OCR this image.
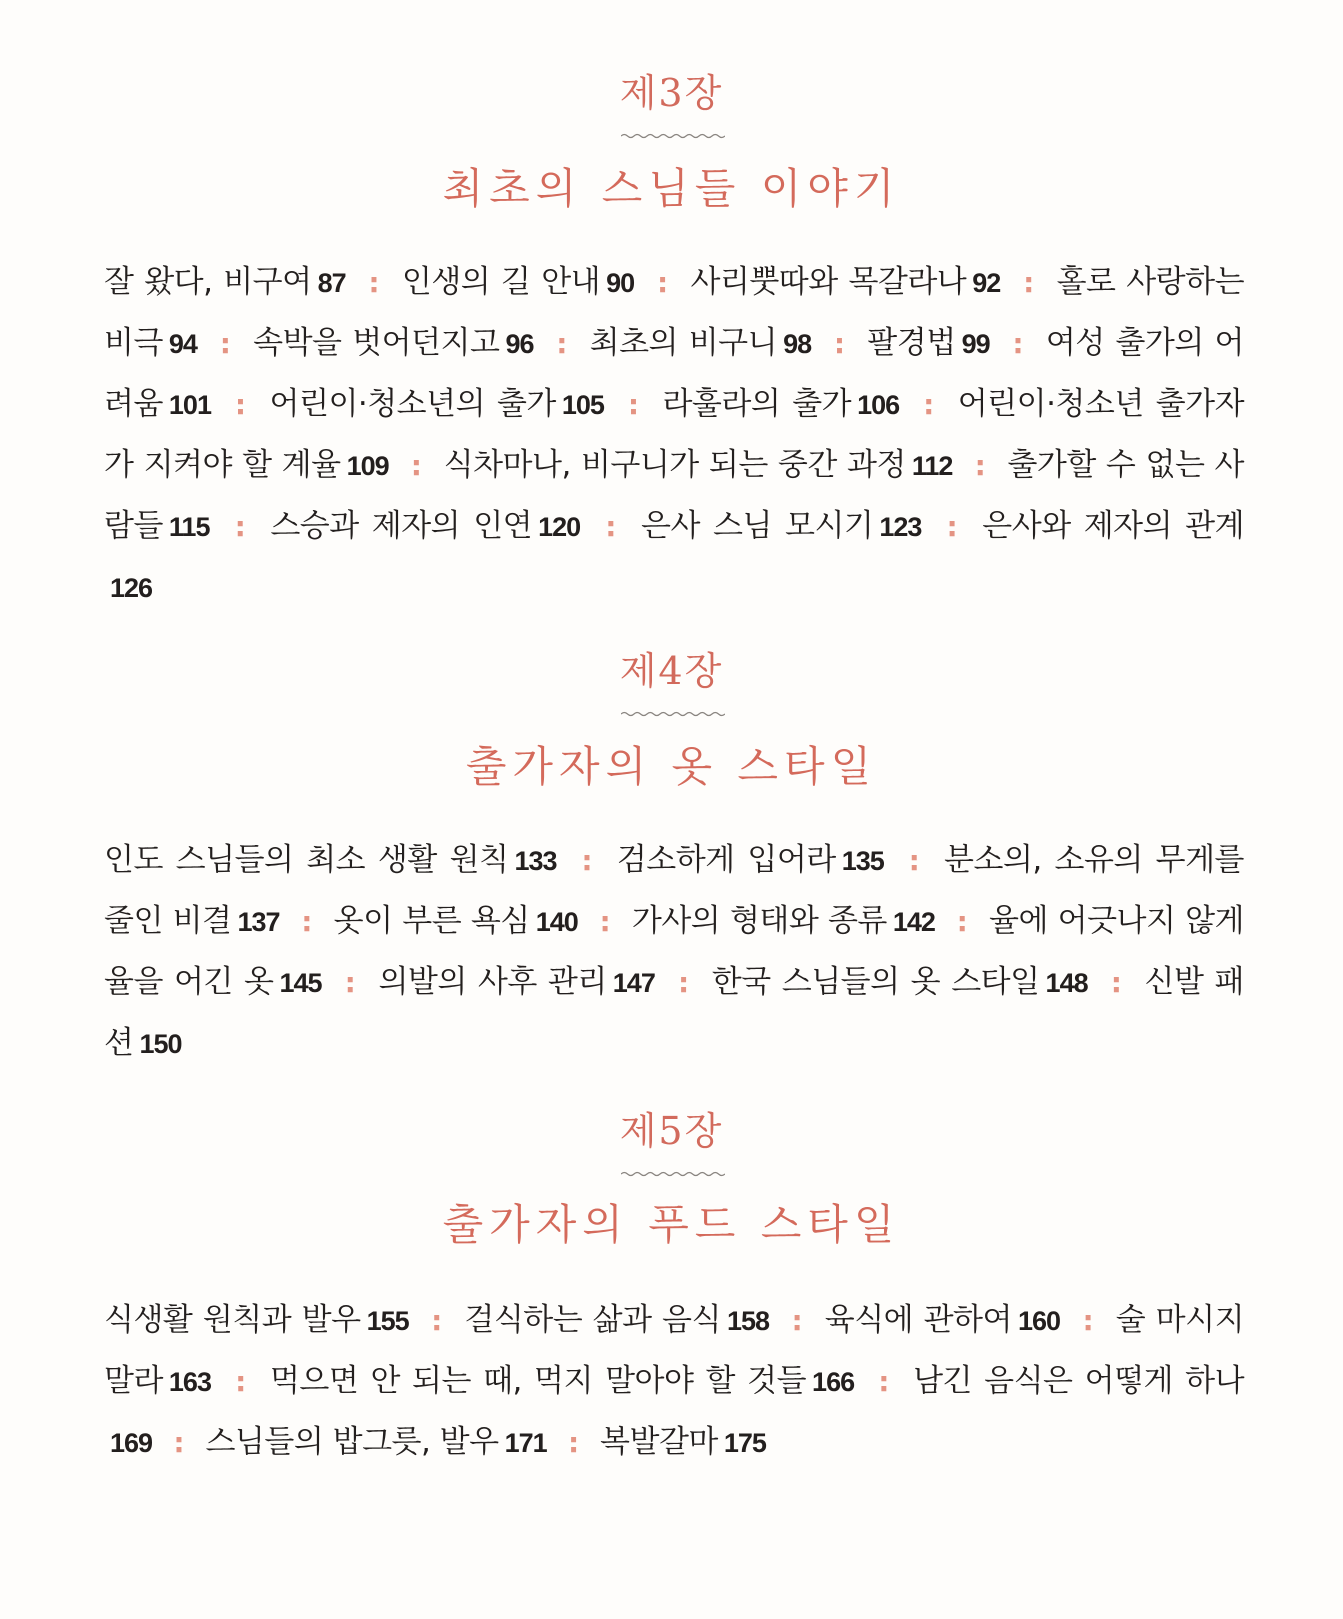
제3장
최초의 스님들 이야기
잘 왔다, 비구여 87 : 인생의 길 안내 90 : 사리뿟따와 목갈라나 92 : 홀로 사랑하는 비극 94 : 속박을 벗어던지고 96 : 최초의 비구니 98 : 팔경법 99 : 여성 출가의 어려움 101 : 어린이·청소년의 출가 105 : 라훌라의 출가 106 : 어린이·청소년 출가자가 지켜야 할 계율 109 : 식차마나, 비구니가 되는 중간 과정 112 : 출가할 수 없는 사람들 115 : 스승과 제자의 인연 120 : 은사 스님 모시기 123 : 은사와 제자의 관계126
제4장
출가자의 옷 스타일
인도 스님들의 최소 생활 원칙 133 : 검소하게 입어라 135 : 분소의, 소유의 무게를 줄인 비결 137 : 옷이 부른 욕심 140 : 가사의 형태와 종류 142 : 율에 어긋나지 않게 율을 어긴 옷 145 : 의발의 사후 관리 147 : 한국 스님들의 옷 스타일 148 : 신발 패션 150
제5장
출가자의 푸드 스타일
식생활 원칙과 발우 155 : 걸식하는 삶과 음식 158 : 육식에 관하여 160 : 술 마시지 말라 163 : 먹으면 안 되는 때, 먹지 말아야 할 것들 166 : 남긴 음식은 어떻게 하나169 : 스님들의 밥그릇, 발우 171 : 복발갈마 175
